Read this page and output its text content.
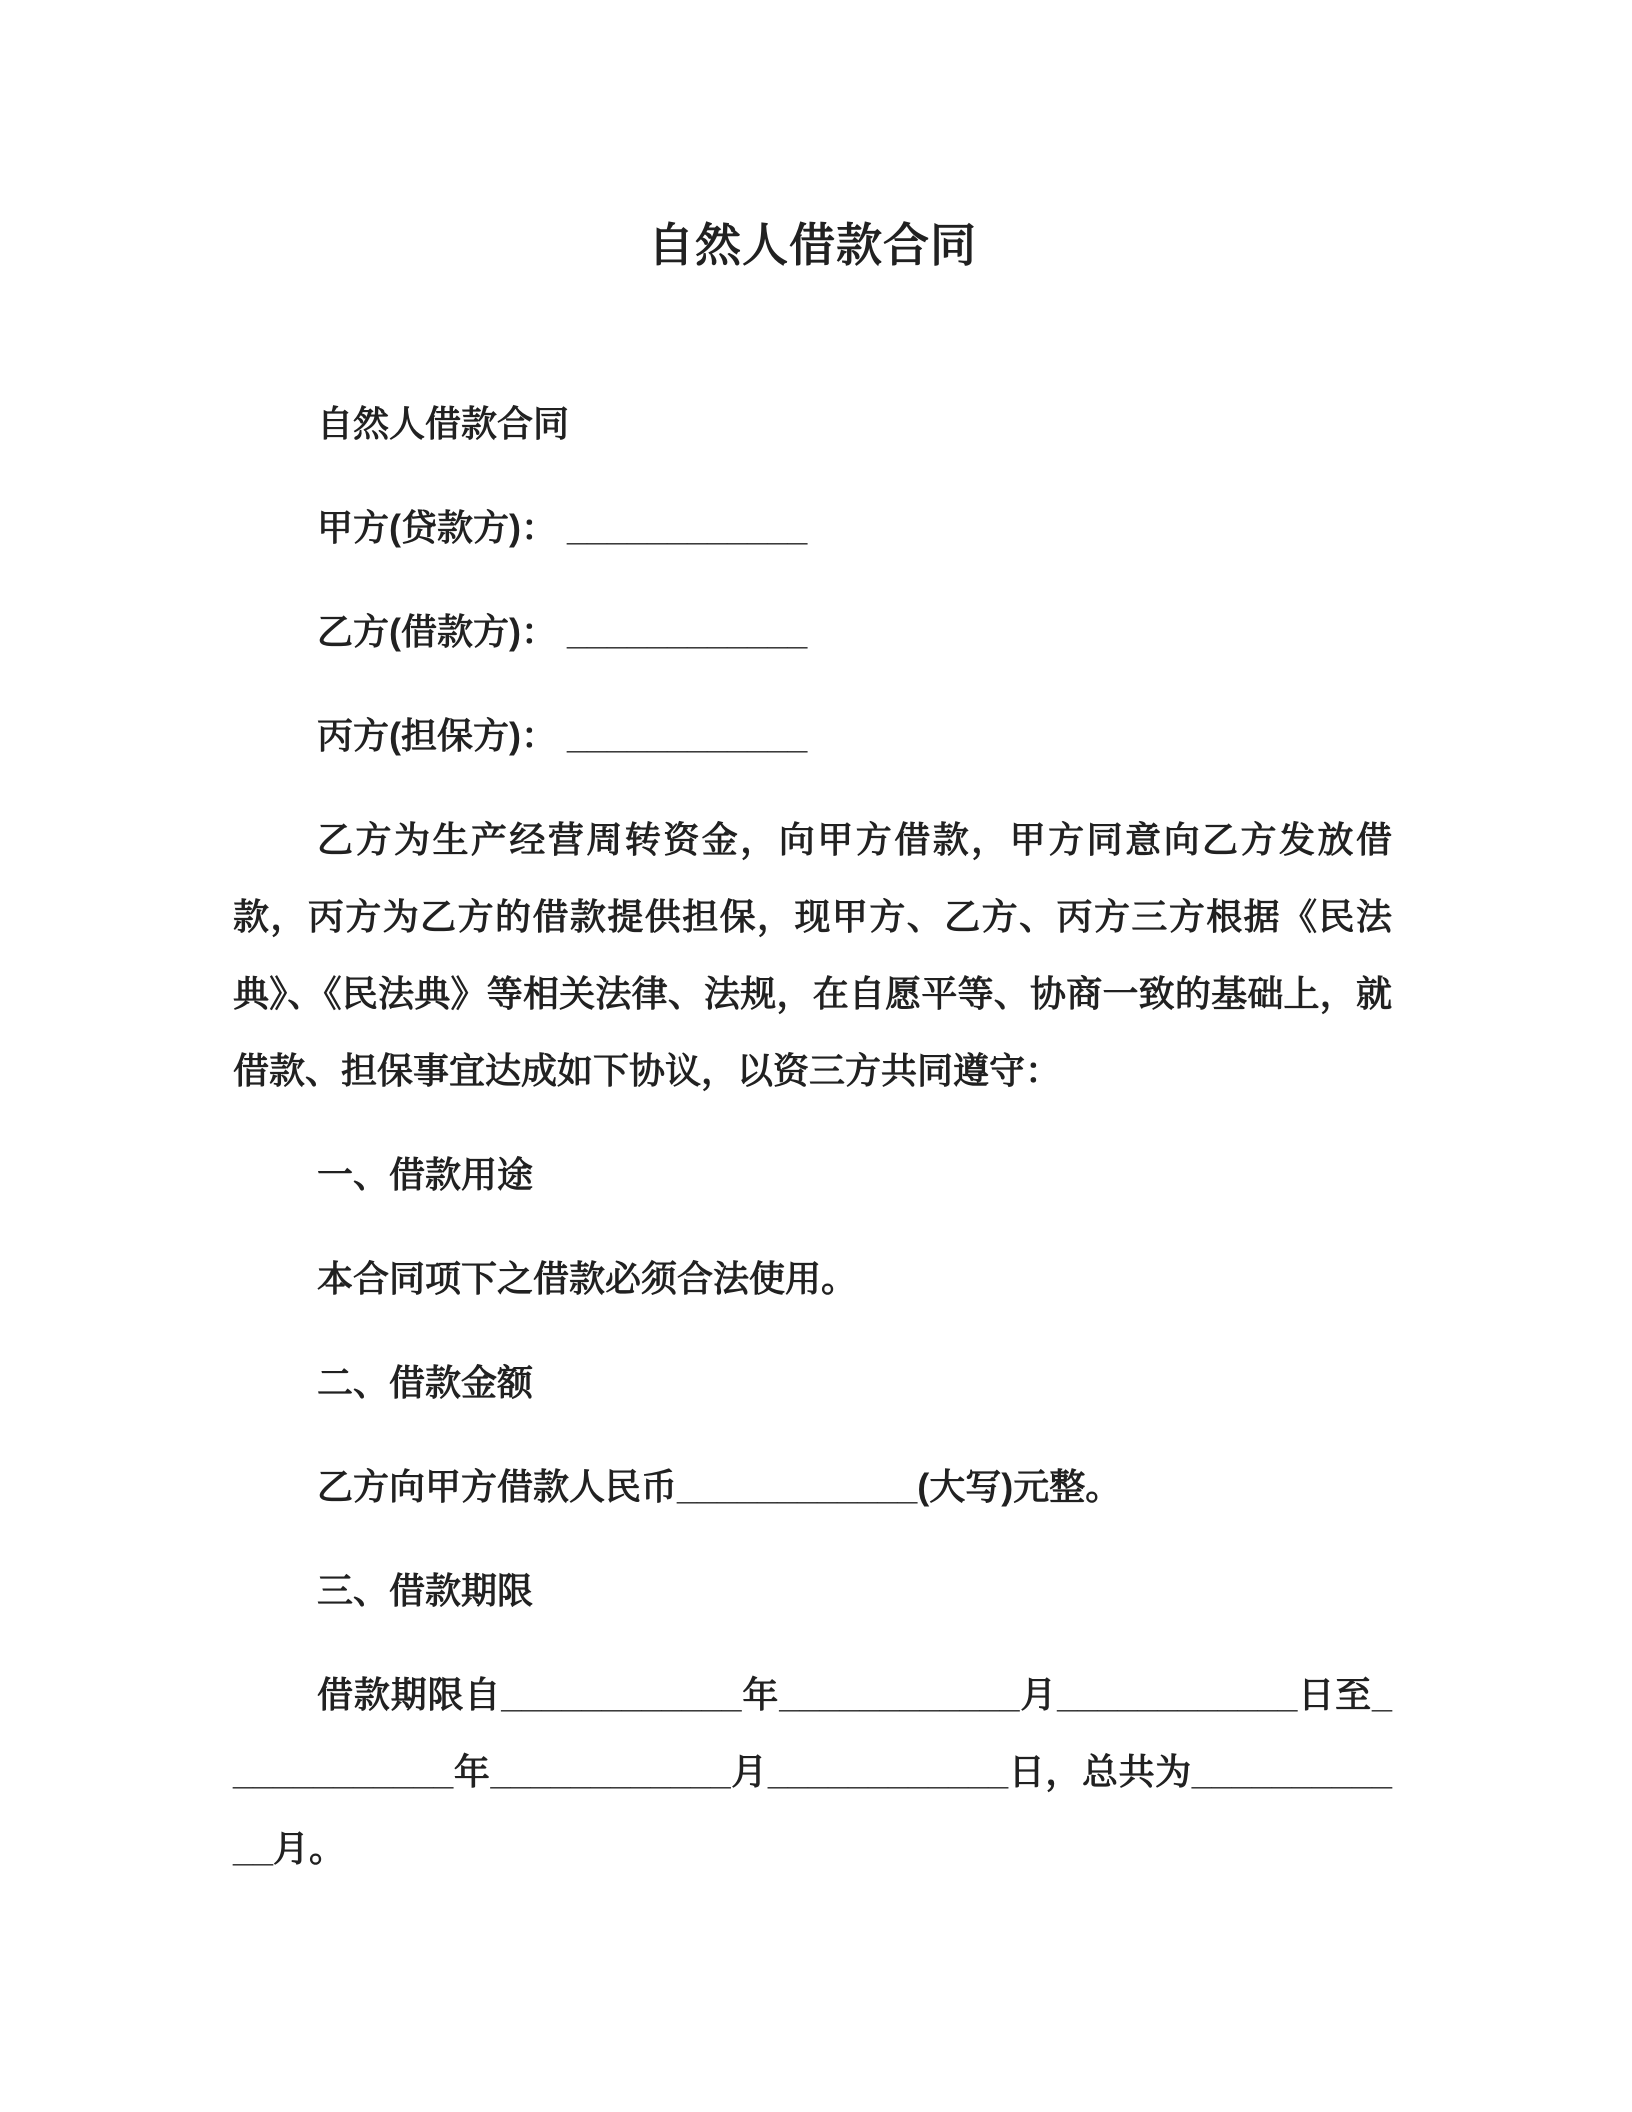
自然人借款合同

自然人借款合同

甲方(贷款方)： ____________

乙方(借款方)： ____________

丙方(担保方)： ____________

乙方为生产经营周转资金，向甲方借款，甲方同意向乙方发放借款，丙方为乙方的借款提供担保，现甲方、乙方、丙方三方根据《民法典》、《民法典》等相关法律、法规，在自愿平等、协商一致的基础上，就借款、担保事宜达成如下协议，以资三方共同遵守：

一、借款用途

本合同项下之借款必须合法使用。

二、借款金额

乙方向甲方借款人民币____________(大写)元整。

三、借款期限

借款期限自____________年____________月____________日至____________年____________月____________日，总共为____________月。
